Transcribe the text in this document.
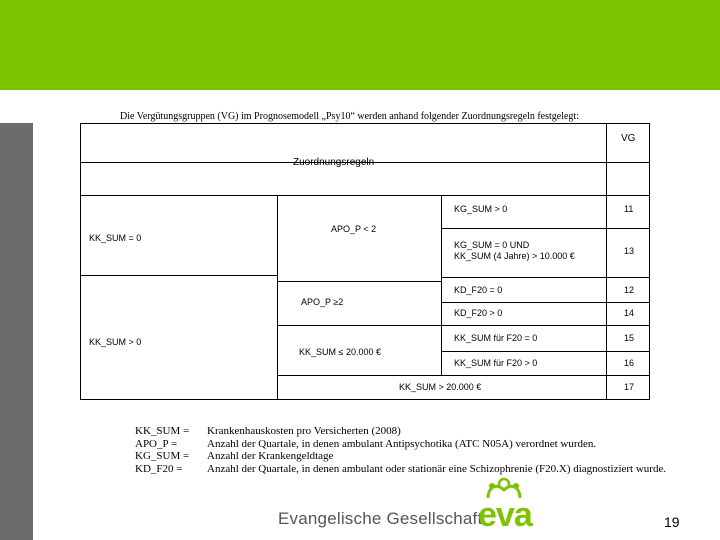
Die Vergütungsgruppen (VG) im Prognosemodell „Psy10“ werden anhand folgender Zuordnungsregeln festgelegt:
VG
Zuordnungsregeln
KK_SUM = 0
KK_SUM > 0
APO_P < 2
APO_P ≥2
KK_SUM ≤ 20.000 €
KK_SUM > 20.000 €
KG_SUM > 0
KG_SUM = 0 UND
KK_SUM (4 Jahre) > 10.000 €
KD_F20 = 0
KD_F20 > 0
KK_SUM für F20 = 0
KK_SUM für F20 > 0
11
13
12
14
15
16
17
KK_SUM =
APO_P =
KG_SUM =
KD_F20 =
Krankenhauskosten pro Versicherten (2008)
Anzahl der Quartale, in denen ambulant Antipsychotika (ATC N05A) verordnet wurden.
Anzahl der Krankengeldtage
Anzahl der Quartale, in denen ambulant oder stationär eine Schizophrenie (F20.X) diagnostiziert wurde.
Evangelische Gesellschaft
eva	19
